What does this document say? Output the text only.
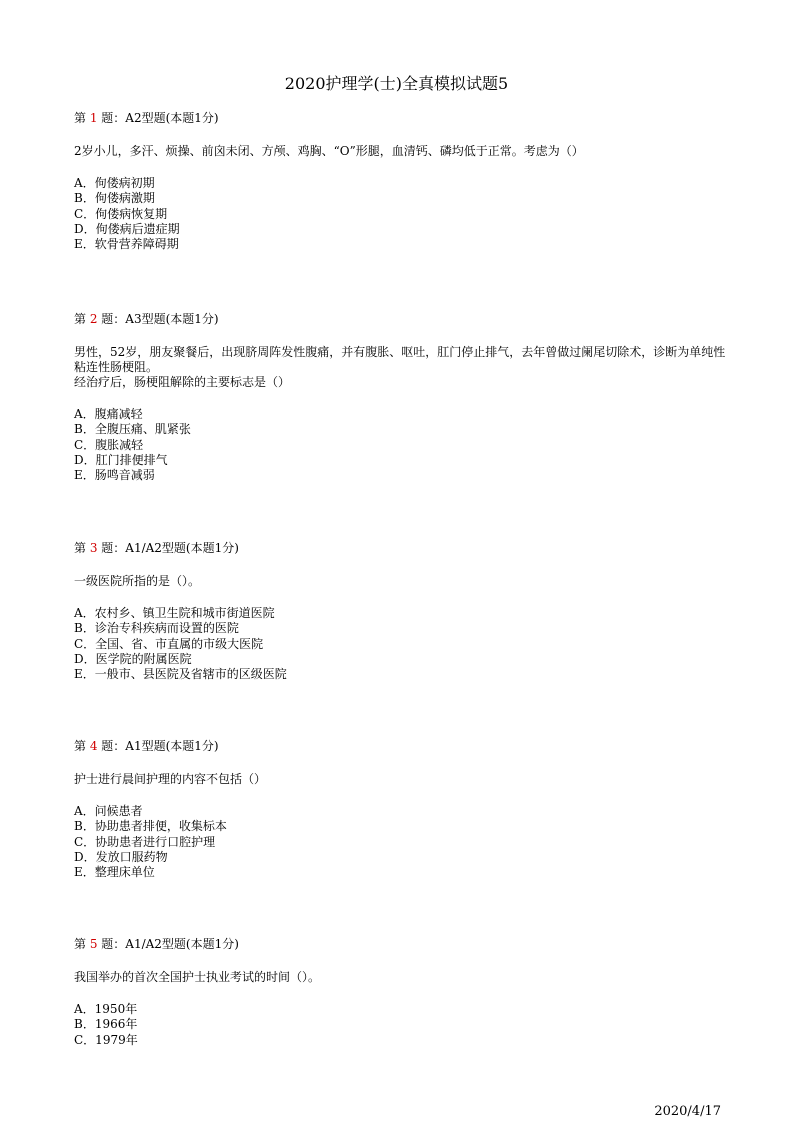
2020护理学(士)全真模拟试题5
第 1 题：A2型题(本题1分)

2岁小儿，多汗、烦操、前囟未闭、方颅、鸡胸、“O”形腿，血清钙、磷均低于正常。考虑为（）

A．佝偻病初期
B．佝偻病激期
C．佝偻病恢复期
D．佝偻病后遗症期
E．软骨营养障碍期
第 2 题：A3型题(本题1分)

男性，52岁，朋友聚餐后，出现脐周阵发性腹痛，并有腹胀、呕吐，肛门停止排气，去年曾做过阑尾切除术，诊断为单纯性粘连性肠梗阻。

经治疗后，肠梗阻解除的主要标志是（）

A．腹痛减轻
B．全腹压痛、肌紧张
C．腹胀减轻
D．肛门排便排气
E．肠鸣音减弱
第 3 题：A1/A2型题(本题1分)

一级医院所指的是（）。

A．农村乡、镇卫生院和城市街道医院
B．诊治专科疾病而设置的医院
C．全国、省、市直属的市级大医院
D．医学院的附属医院
E．一般市、县医院及省辖市的区级医院
第 4 题：A1型题(本题1分)

护士进行晨间护理的内容不包括（）

A．问候患者
B．协助患者排便，收集标本
C．协助患者进行口腔护理
D．发放口服药物
E．整理床单位
第 5 题：A1/A2型题(本题1分)

我国举办的首次全国护士执业考试的时间（）。

A．1950年
B．1966年
C．1979年
2020/4/17
